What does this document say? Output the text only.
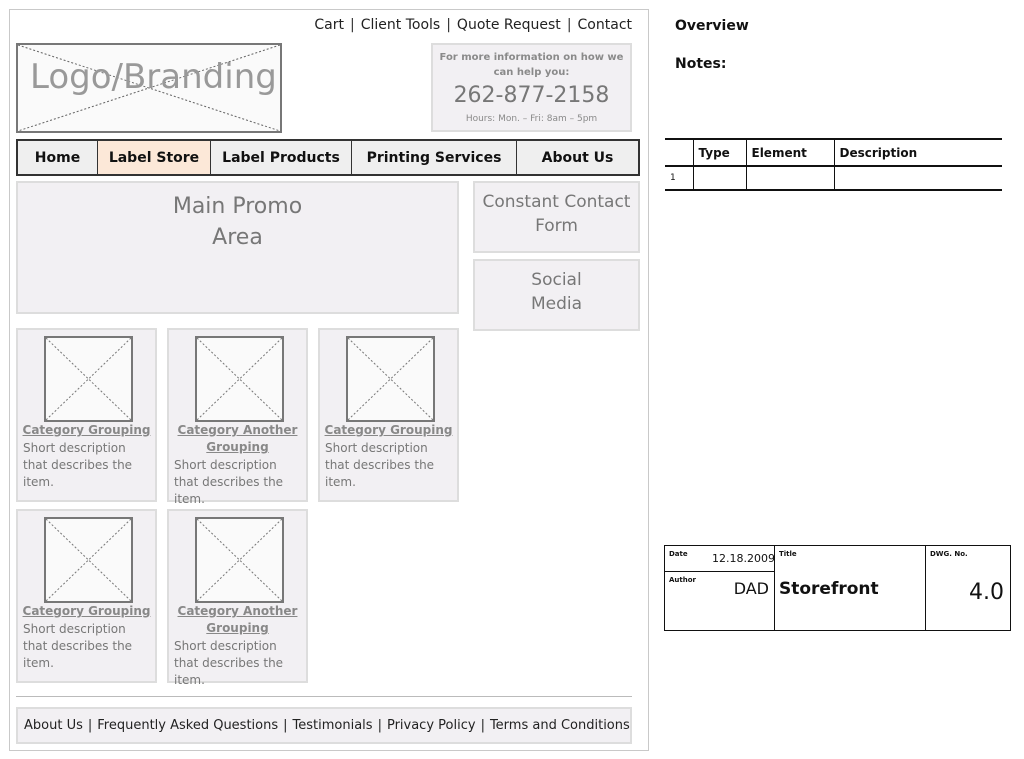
Cart | Client Tools | Quote Request | Contact
Logo/Branding	For more information on how we can help you:
262-877-2158
Hours: Mon. – Fri: 8am – 5pm
Home	Label Store	Label Products	Printing Services	About Us
Main Promo
Area
Constant Contact
Form
Social
Media
Category Grouping
Short description that describes the item.
Category Another
Grouping
Short description that describes the item.
Category Grouping
Short description that describes the item.
Category Grouping
Short description that describes the item.
Category Another
Grouping
Short description that describes the item.
About Us | Frequently Asked Questions | Testimonials | Privacy Policy | Terms and Conditions
Overview
Notes:
	Type	Element	Description
1			
Date 12.18.2009
Author DAD
Title
Storefront
DWG. No.
4.0
